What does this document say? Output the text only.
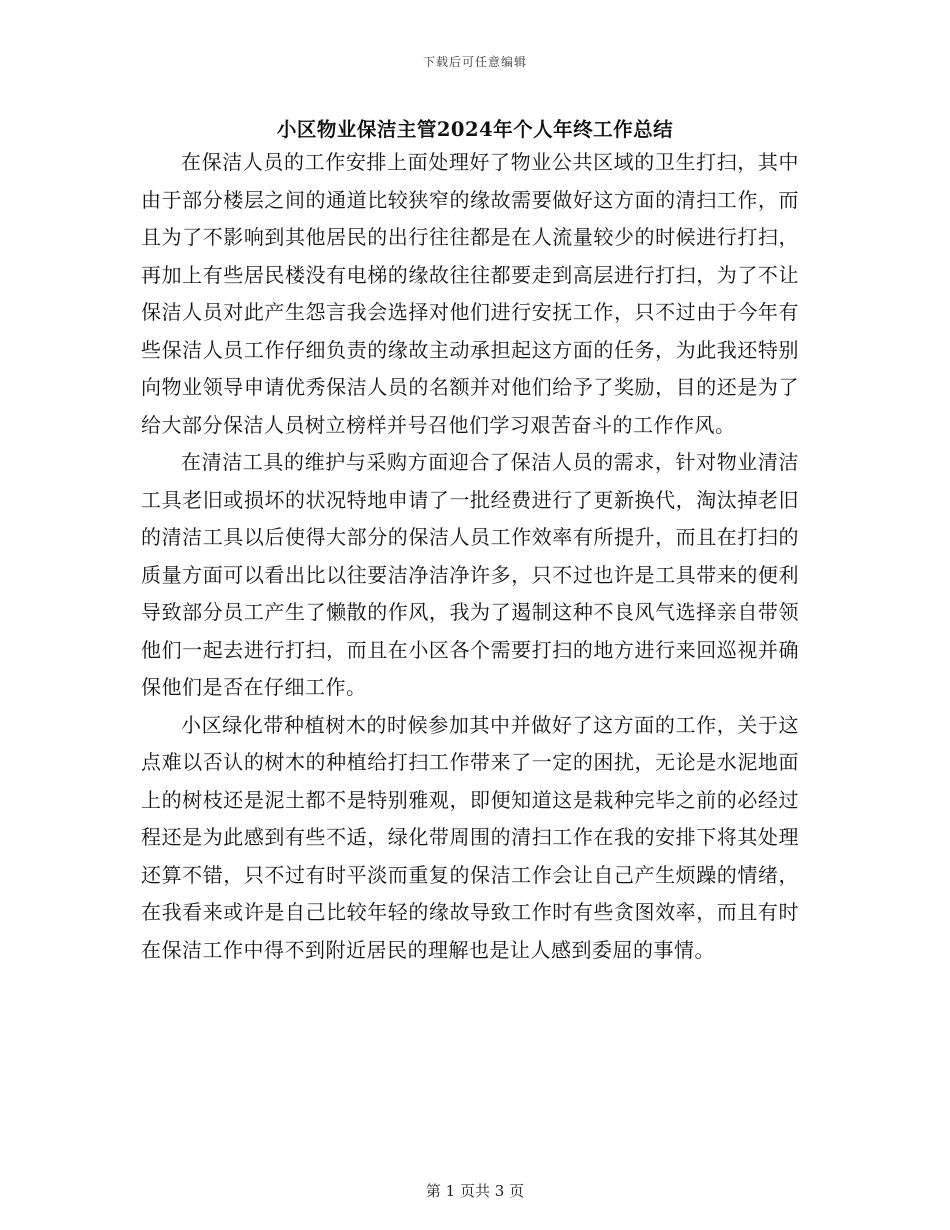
下载后可任意编辑
小区物业保洁主管2024年个人年终工作总结

在保洁人员的工作安排上面处理好了物业公共区域的卫生打扫，其中由于部分楼层之间的通道比较狭窄的缘故需要做好这方面的清扫工作，而且为了不影响到其他居民的出行往往都是在人流量较少的时候进行打扫，再加上有些居民楼没有电梯的缘故往往都要走到高层进行打扫，为了不让保洁人员对此产生怨言我会选择对他们进行安抚工作，只不过由于今年有些保洁人员工作仔细负责的缘故主动承担起这方面的任务，为此我还特别向物业领导申请优秀保洁人员的名额并对他们给予了奖励，目的还是为了给大部分保洁人员树立榜样并号召他们学习艰苦奋斗的工作作风。

在清洁工具的维护与采购方面迎合了保洁人员的需求，针对物业清洁工具老旧或损坏的状况特地申请了一批经费进行了更新换代，淘汰掉老旧的清洁工具以后使得大部分的保洁人员工作效率有所提升，而且在打扫的质量方面可以看出比以往要洁净洁净许多，只不过也许是工具带来的便利导致部分员工产生了懒散的作风，我为了遏制这种不良风气选择亲自带领他们一起去进行打扫，而且在小区各个需要打扫的地方进行来回巡视并确保他们是否在仔细工作。

小区绿化带种植树木的时候参加其中并做好了这方面的工作，关于这点难以否认的树木的种植给打扫工作带来了一定的困扰，无论是水泥地面上的树枝还是泥土都不是特别雅观，即便知道这是栽种完毕之前的必经过程还是为此感到有些不适，绿化带周围的清扫工作在我的安排下将其处理还算不错，只不过有时平淡而重复的保洁工作会让自己产生烦躁的情绪，在我看来或许是自己比较年轻的缘故导致工作时有些贪图效率，而且有时在保洁工作中得不到附近居民的理解也是让人感到委屈的事情。

第 1 页共 3 页
